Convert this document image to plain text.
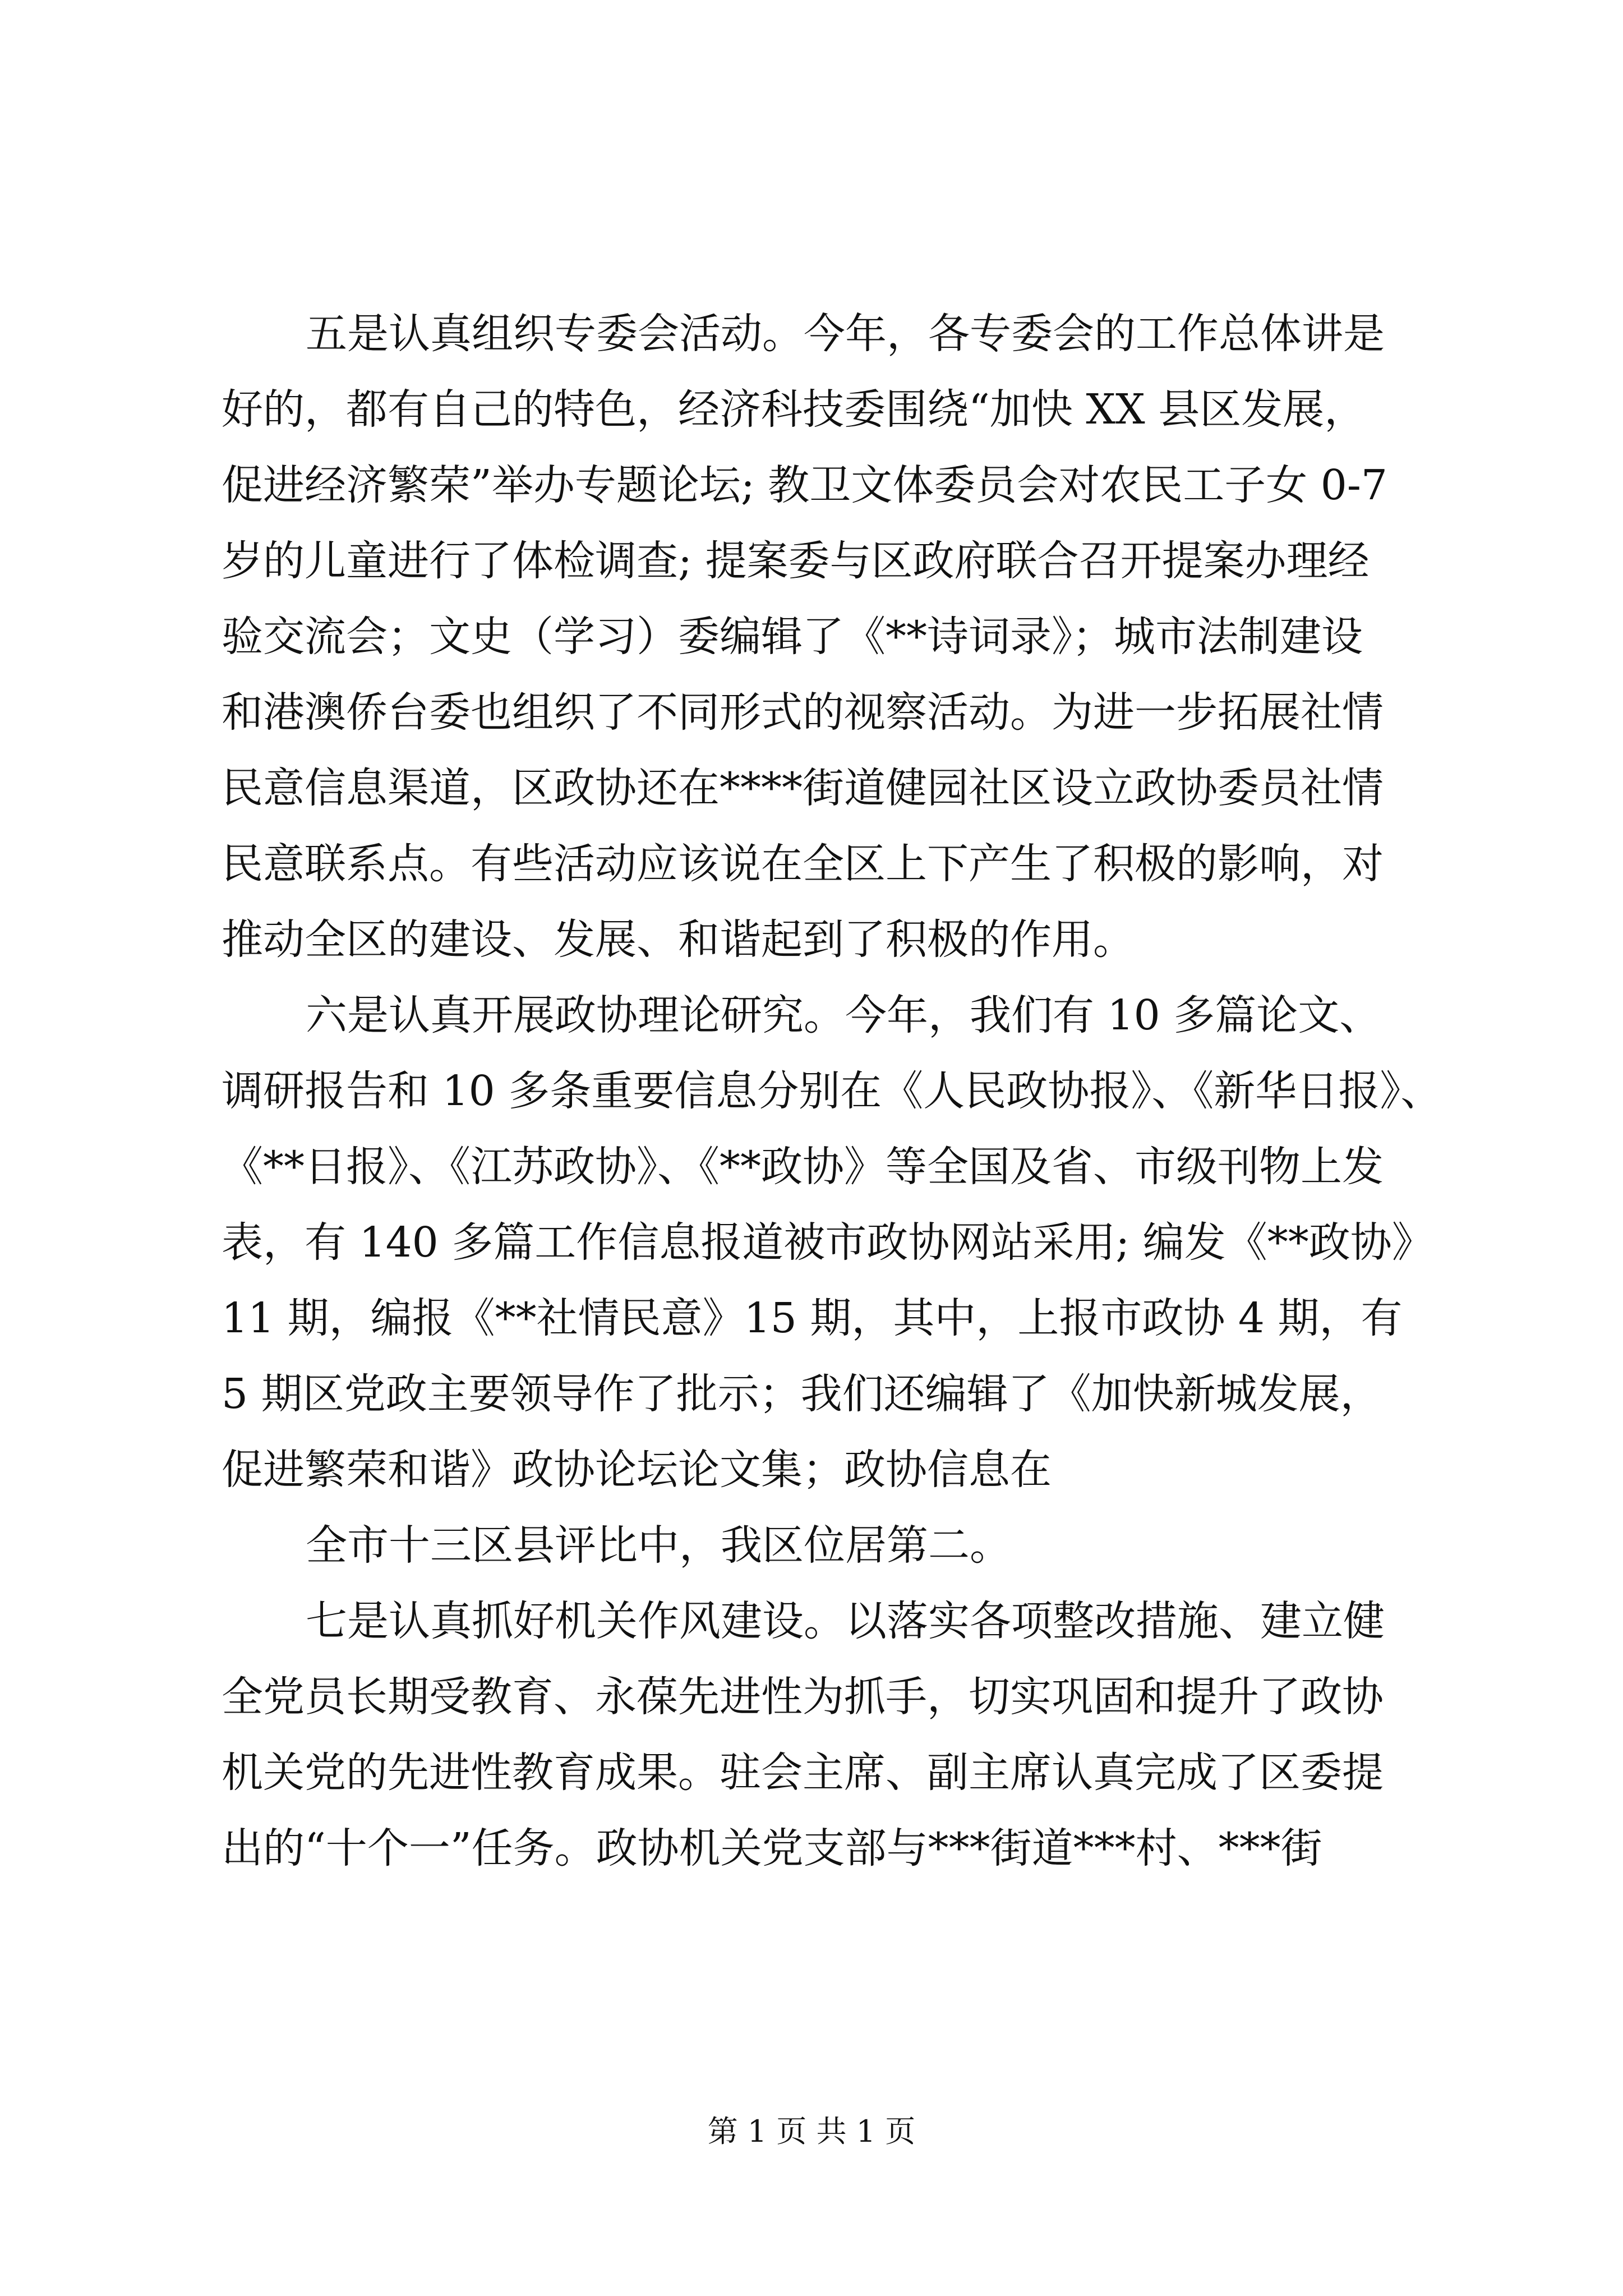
五是认真组织专委会活动。今年，各专委会的工作总体讲是
好的，都有自己的特色，经济科技委围绕“加快 XX 县区发展，
促进经济繁荣”举办专题论坛; 教卫文体委员会对农民工子女 0-7
岁的儿童进行了体检调查; 提案委与区政府联合召开提案办理经
验交流会；文史（学习）委编辑了《**诗词录》；城市法制建设
和港澳侨台委也组织了不同形式的视察活动。为进一步拓展社情
民意信息渠道，区政协还在****街道健园社区设立政协委员社情
民意联系点。有些活动应该说在全区上下产生了积极的影响，对
推动全区的建设、发展、和谐起到了积极的作用。
六是认真开展政协理论研究。今年，我们有 10 多篇论文、
调研报告和 10 多条重要信息分别在《人民政协报》、《新华日报》、
《**日报》、《江苏政协》、《**政协》等全国及省、市级刊物上发
表，有 140 多篇工作信息报道被市政协网站采用; 编发《**政协》
11 期，编报《**社情民意》15 期，其中，上报市政协 4 期，有
5 期区党政主要领导作了批示；我们还编辑了《加快新城发展，
促进繁荣和谐》政协论坛论文集；政协信息在
全市十三区县评比中，我区位居第二。
七是认真抓好机关作风建设。以落实各项整改措施、建立健
全党员长期受教育、永葆先进性为抓手，切实巩固和提升了政协
机关党的先进性教育成果。驻会主席、副主席认真完成了区委提
出的“十个一”任务。政协机关党支部与***街道***村、***街
第 1 页 共 1 页
